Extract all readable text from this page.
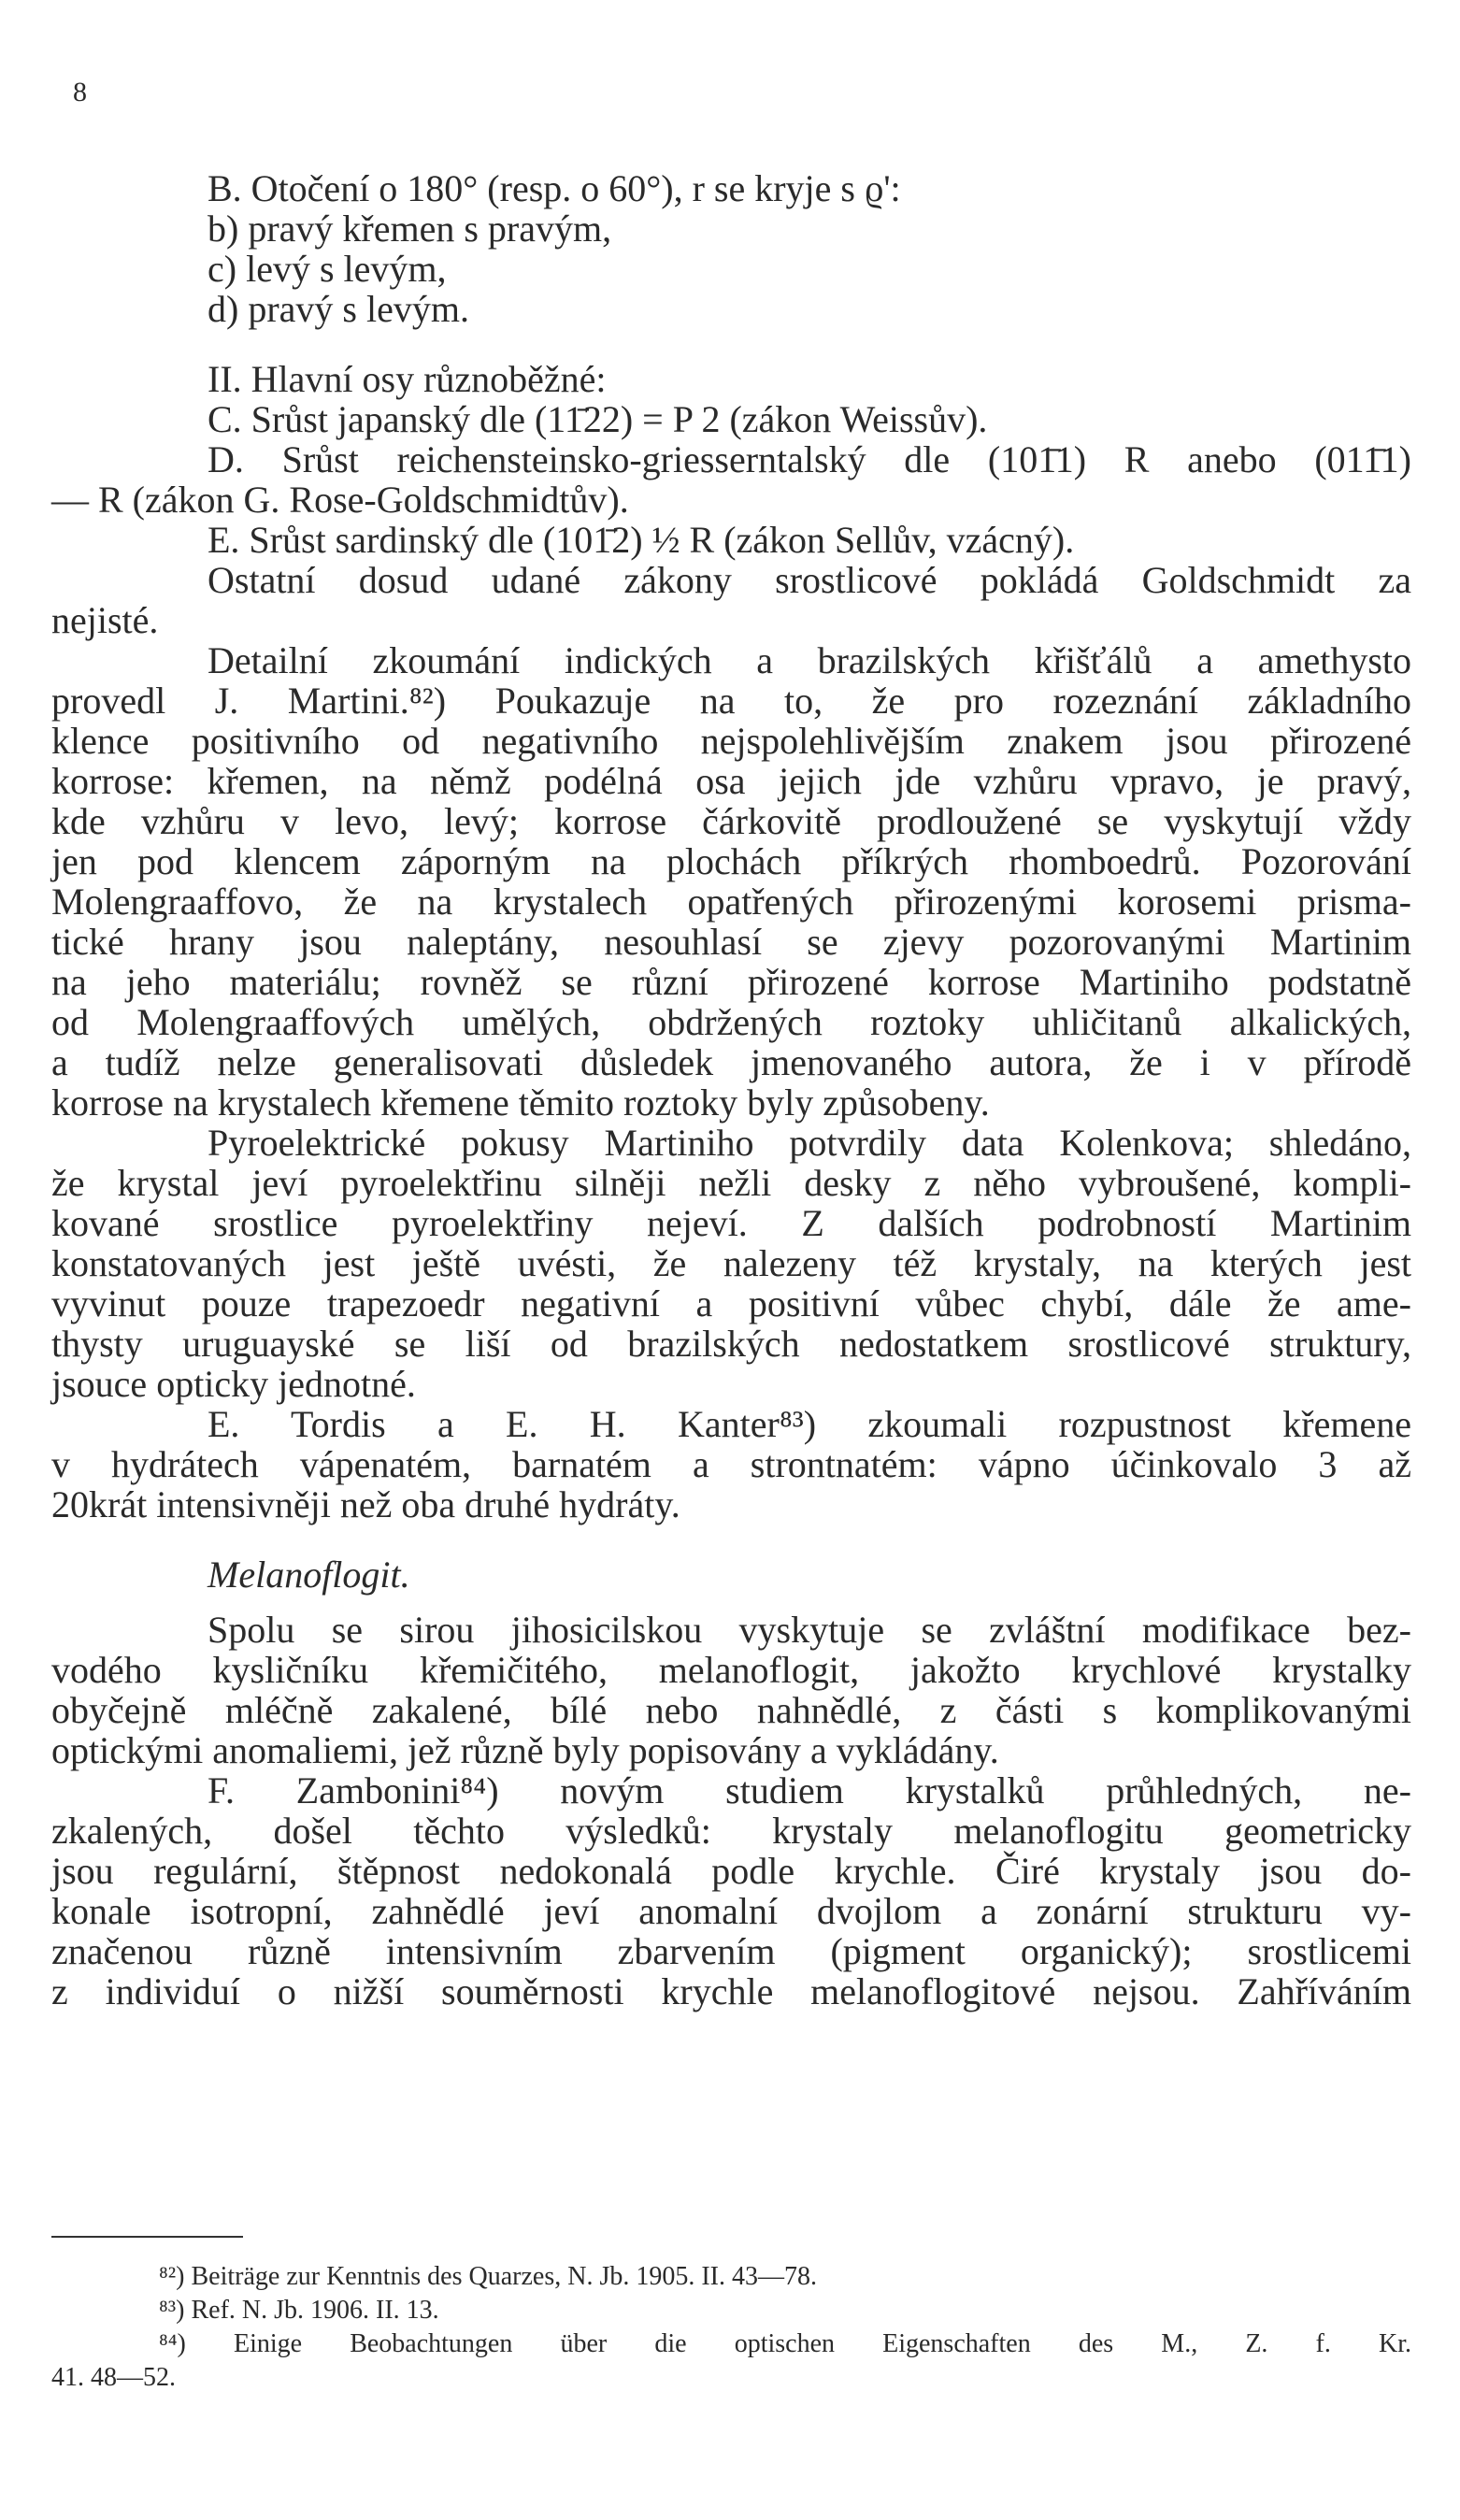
8
B. Otočení o 180° (resp. o 60°), r se kryje s ϱ':
b) pravý křemen s pravým,
c) levý s levým,
d) pravý s levým.
II. Hlavní osy různoběžné:
C. Srůst japanský dle (11̄22) = P 2 (zákon Weissův).
D. Srůst reichensteinsko-griesserntalský dle (101̄1) R anebo (011̄1)
— R (zákon G. Rose-Goldschmidtův).
E. Srůst sardinský dle (101̄2) ½ R (zákon Sellův, vzácný).
Ostatní dosud udané zákony srostlicové pokládá Goldschmidt za
nejisté.
Detailní zkoumání indických a brazilských křišťálů a amethysto
provedl J. Martini.⁸²) Poukazuje na to, že pro rozeznání základního
klence positivního od negativního nejspolehlivějším znakem jsou přirozené
korrose: křemen, na němž podélná osa jejich jde vzhůru vpravo, je pravý,
kde vzhůru v levo, levý; korrose čárkovitě prodloužené se vyskytují vždy
jen pod klencem záporným na plochách příkrých rhomboedrů. Pozorování
Molengraaffovo, že na krystalech opatřených přirozenými korosemi prisma-
tické hrany jsou naleptány, nesouhlasí se zjevy pozorovanými Martinim
na jeho materiálu; rovněž se různí přirozené korrose Martiniho podstatně
od Molengraaffových umělých, obdržených roztoky uhličitanů alkalických,
a tudíž nelze generalisovati důsledek jmenovaného autora, že i v přírodě
korrose na krystalech křemene těmito roztoky byly způsobeny.
Pyroelektrické pokusy Martiniho potvrdily data Kolenkova; shledáno,
že krystal jeví pyroelektřinu silněji nežli desky z něho vybroušené, kompli-
kované srostlice pyroelektřiny nejeví. Z dalších podrobností Martinim
konstatovaných jest ještě uvésti, že nalezeny též krystaly, na kterých jest
vyvinut pouze trapezoedr negativní a positivní vůbec chybí, dále že ame-
thysty uruguayské se liší od brazilských nedostatkem srostlicové struktury,
jsouce opticky jednotné.
E. Tordis a E. H. Kanter⁸³) zkoumali rozpustnost křemene
v hydrátech vápenatém, barnatém a strontnatém: vápno účinkovalo 3 až
20krát intensivněji než oba druhé hydráty.
Melanoflogit.
Spolu se sirou jihosicilskou vyskytuje se zvláštní modifikace bez-
vodého kysličníku křemičitého, melanoflogit, jakožto krychlové krystalky
obyčejně mléčně zakalené, bílé nebo nahnědlé, z části s komplikovanými
optickými anomaliemi, jež různě byly popisovány a vykládány.
F. Zambonini⁸⁴) novým studiem krystalků průhledných, ne-
zkalených, došel těchto výsledků: krystaly melanoflogitu geometricky
jsou regulární, štěpnost nedokonalá podle krychle. Čiré krystaly jsou do-
konale isotropní, zahnědlé jeví anomalní dvojlom a zonární strukturu vy-
značenou různě intensivním zbarvením (pigment organický); srostlicemi
z individuí o nižší souměrnosti krychle melanoflogitové nejsou. Zahříváním
⁸²) Beiträge zur Kenntnis des Quarzes, N. Jb. 1905. II. 43—78.
⁸³) Ref. N. Jb. 1906. II. 13.
⁸⁴) Einige Beobachtungen über die optischen Eigenschaften des M., Z. f. Kr.
41. 48—52.
